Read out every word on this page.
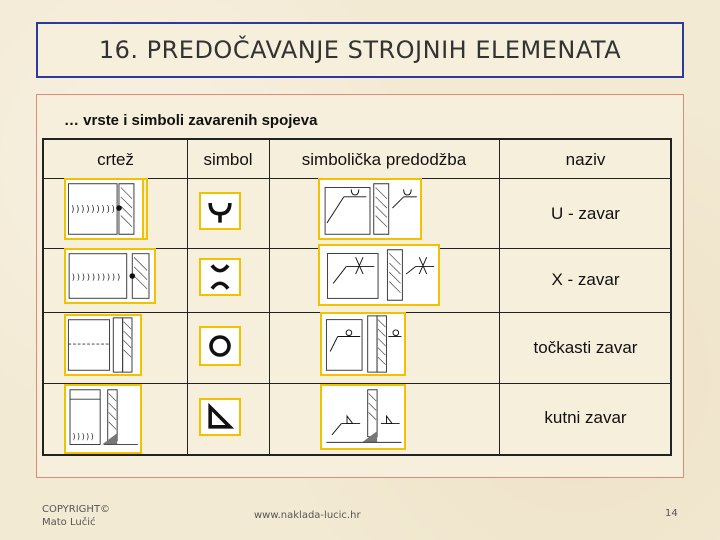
16. PREDOČAVANJE STROJNIH ELEMENATA
… vrste i simboli zavarenih spojeva
crtež	simbol	simbolička predodžba	naziv
U - zavar
X - zavar
točkasti zavar
kutni zavar
)))))))))
))))))))))
)))))
COPYRIGHT©
Mato Lučić
www.naklada-lucic.hr	14
